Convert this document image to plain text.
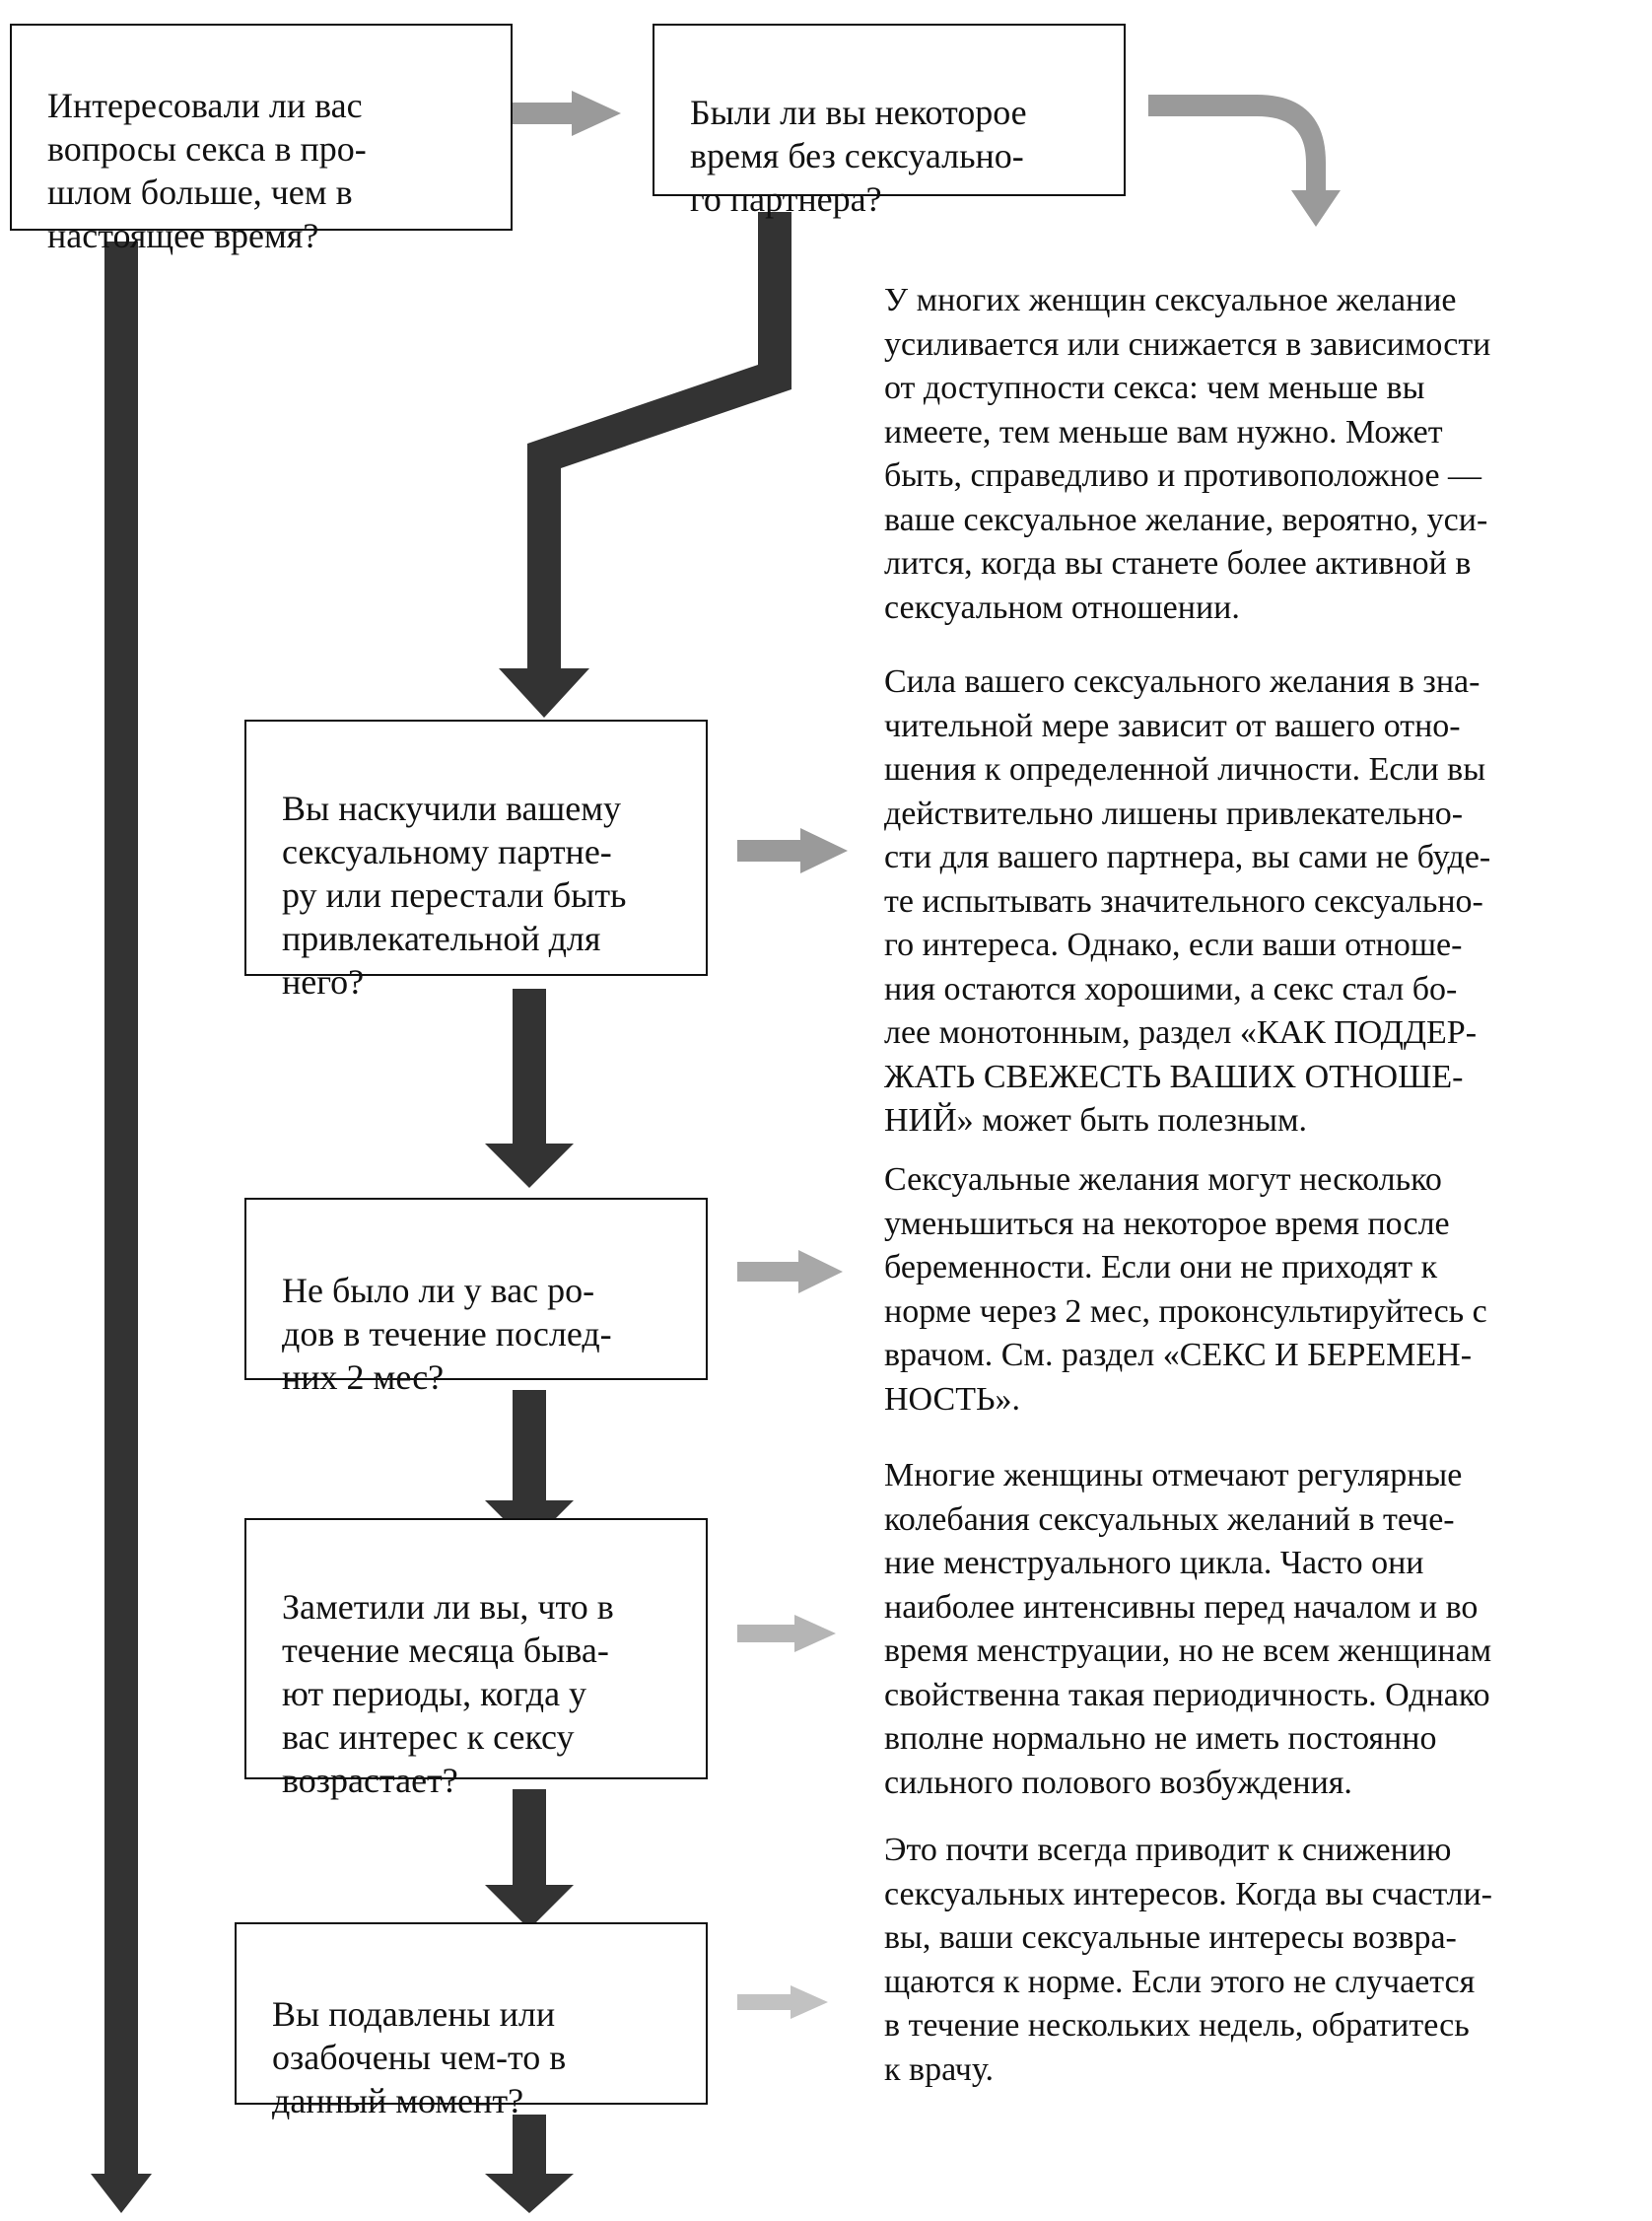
Интересовали ли вас
вопросы секса в про-
шлом больше, чем в
настоящее время?

Были ли вы некоторое
время без сексуально-
го партнера?

Вы наскучили вашему
сексуальному партне-
ру или перестали быть
привлекательной для
него?

Не было ли у вас ро-
дов в течение послед-
них 2 мес?

Заметили ли вы, что в
течение месяца быва-
ют периоды, когда у
вас интерес к сексу
возрастает?

Вы подавлены или
озабочены чем-то в
данный момент?

У многих женщин сексуальное желание
усиливается или снижается в зависимости
от доступности секса: чем меньше вы
имеете, тем меньше вам нужно. Может
быть, справедливо и противоположное —
ваше сексуальное желание, вероятно, уси-
лится, когда вы станете более активной в
сексуальном отношении.
Сила вашего сексуального желания в зна-
чительной мере зависит от вашего отно-
шения к определенной личности. Если вы
действительно лишены привлекательно-
сти для вашего партнера, вы сами не буде-
те испытывать значительного сексуально-
го интереса. Однако, если ваши отноше-
ния остаются хорошими, а секс стал бо-
лее монотонным, раздел «КАК ПОДДЕР-
ЖАТЬ СВЕЖЕСТЬ ВАШИХ ОТНОШЕ-
НИЙ» может быть полезным.
Сексуальные желания могут несколько
уменьшиться на некоторое время после
беременности. Если они не приходят к
норме через 2 мес, проконсультируйтесь с
врачом. См. раздел «СЕКС И БЕРЕМЕН-
НОСТЬ».
Многие женщины отмечают регулярные
колебания сексуальных желаний в тече-
ние менструального цикла. Часто они
наиболее интенсивны перед началом и во
время менструации, но не всем женщинам
свойственна такая периодичность. Однако
вполне нормально не иметь постоянно
сильного полового возбуждения.
Это почти всегда приводит к снижению
сексуальных интересов. Когда вы счастли-
вы, ваши сексуальные интересы возвра-
щаются к норме. Если этого не случается
в течение нескольких недель, обратитесь
к врачу.
